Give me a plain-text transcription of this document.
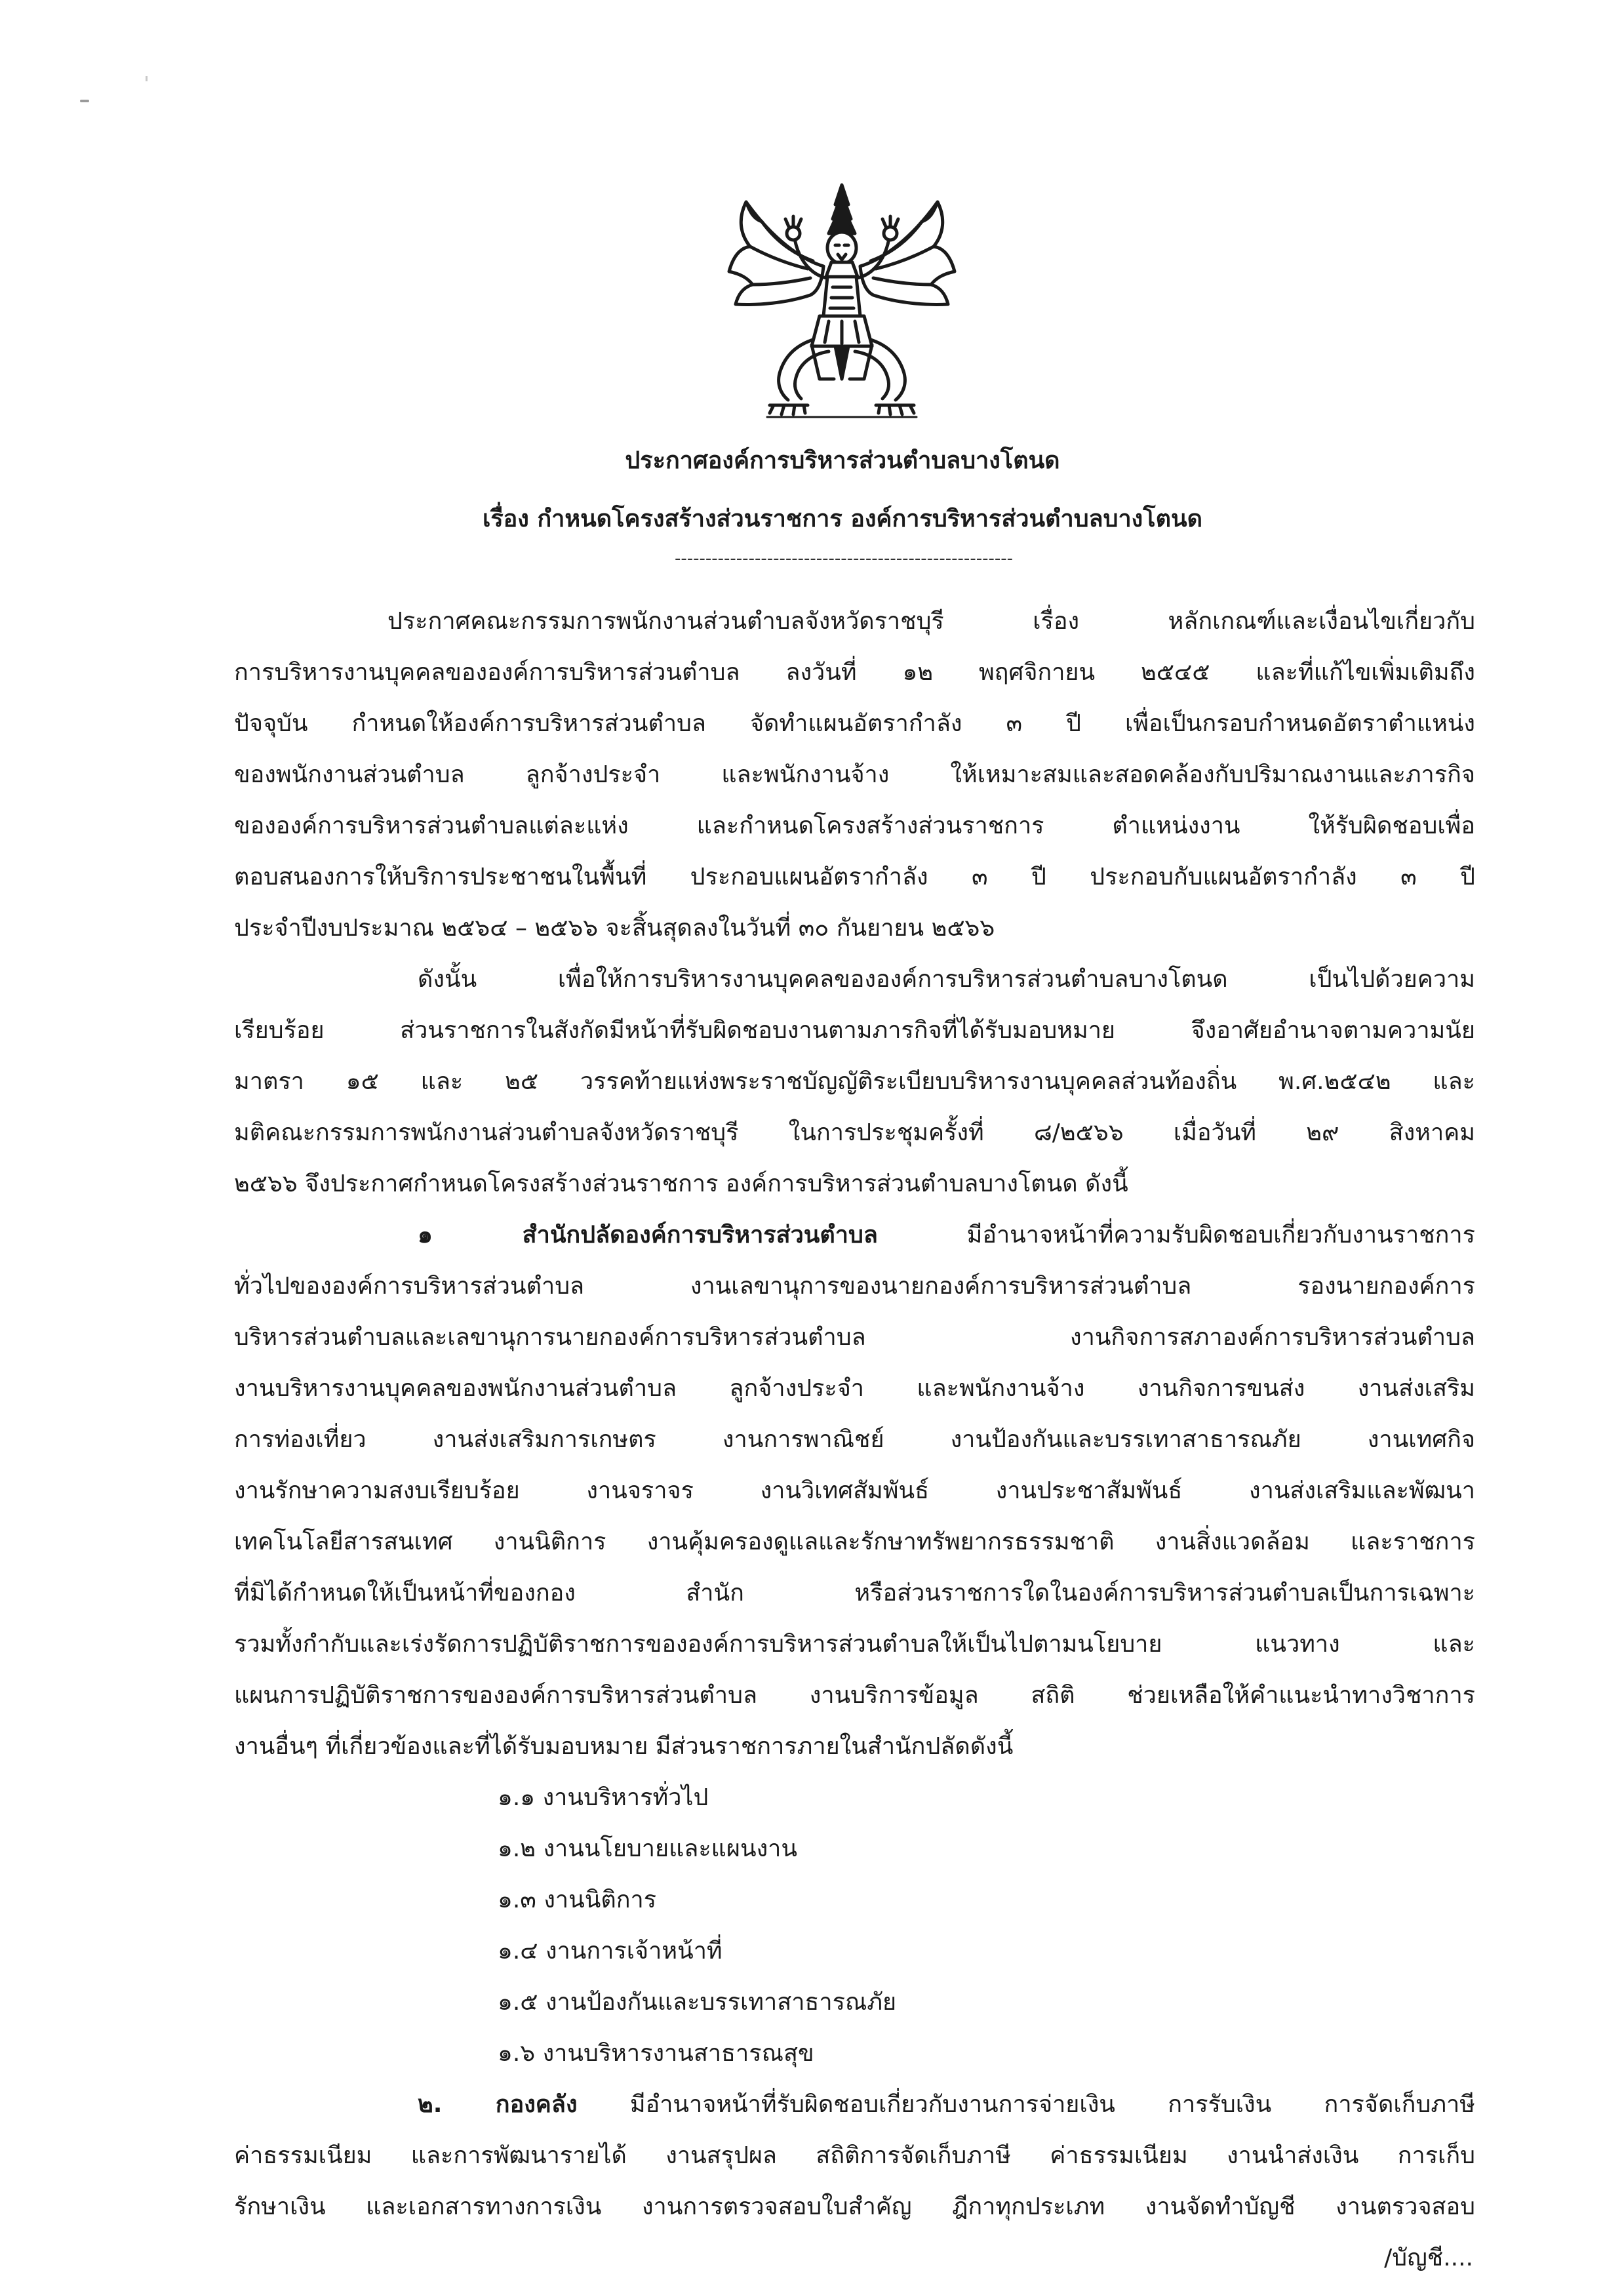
ประกาศองค์การบริหารส่วนตำบลบางโตนด
เรื่อง กำหนดโครงสร้างส่วนราชการ องค์การบริหารส่วนตำบลบางโตนด
-------------------------------------------------------
ประกาศคณะกรรมการพนักงานส่วนตำบลจังหวัดราชบุรี เรื่อง หลักเกณฑ์และเงื่อนไขเกี่ยวกับ
การบริหารงานบุคคลขององค์การบริหารส่วนตำบล ลงวันที่ ๑๒ พฤศจิกายน ๒๕๔๕ และที่แก้ไขเพิ่มเติมถึง
ปัจจุบัน กำหนดให้องค์การบริหารส่วนตำบล จัดทำแผนอัตรากำลัง ๓ ปี เพื่อเป็นกรอบกำหนดอัตราตำแหน่ง
ของพนักงานส่วนตำบล ลูกจ้างประจำ และพนักงานจ้าง ให้เหมาะสมและสอดคล้องกับปริมาณงานและภารกิจ
ขององค์การบริหารส่วนตำบลแต่ละแห่ง และกำหนดโครงสร้างส่วนราชการ ตำแหน่งงาน ให้รับผิดชอบเพื่อ
ตอบสนองการให้บริการประชาชนในพื้นที่ ประกอบแผนอัตรากำลัง ๓ ปี ประกอบกับแผนอัตรากำลัง ๓ ปี
ประจำปีงบประมาณ ๒๕๖๔ – ๒๕๖๖ จะสิ้นสุดลงในวันที่ ๓๐ กันยายน ๒๕๖๖
ดังนั้น เพื่อให้การบริหารงานบุคคลขององค์การบริหารส่วนตำบลบางโตนด เป็นไปด้วยความ
เรียบร้อย ส่วนราชการในสังกัดมีหน้าที่รับผิดชอบงานตามภารกิจที่ได้รับมอบหมาย จึงอาศัยอำนาจตามความนัย
มาตรา ๑๕ และ ๒๕ วรรคท้ายแห่งพระราชบัญญัติระเบียบบริหารงานบุคคลส่วนท้องถิ่น พ.ศ.๒๕๔๒ และ
มติคณะกรรมการพนักงานส่วนตำบลจังหวัดราชบุรี ในการประชุมครั้งที่ ๘/๒๕๖๖ เมื่อวันที่ ๒๙ สิงหาคม
๒๕๖๖ จึงประกาศกำหนดโครงสร้างส่วนราชการ องค์การบริหารส่วนตำบลบางโตนด ดังนี้
๑ สำนักปลัดองค์การบริหารส่วนตำบล มีอำนาจหน้าที่ความรับผิดชอบเกี่ยวกับงานราชการ
ทั่วไปขององค์การบริหารส่วนตำบล งานเลขานุการของนายกองค์การบริหารส่วนตำบล รองนายกองค์การ
บริหารส่วนตำบลและเลขานุการนายกองค์การบริหารส่วนตำบล งานกิจการสภาองค์การบริหารส่วนตำบล
งานบริหารงานบุคคลของพนักงานส่วนตำบล ลูกจ้างประจำ และพนักงานจ้าง งานกิจการขนส่ง งานส่งเสริม
การท่องเที่ยว งานส่งเสริมการเกษตร งานการพาณิชย์ งานป้องกันและบรรเทาสาธารณภัย งานเทศกิจ
งานรักษาความสงบเรียบร้อย งานจราจร งานวิเทศสัมพันธ์ งานประชาสัมพันธ์ งานส่งเสริมและพัฒนา
เทคโนโลยีสารสนเทศ งานนิติการ งานคุ้มครองดูแลและรักษาทรัพยากรธรรมชาติ งานสิ่งแวดล้อม และราชการ
ที่มิได้กำหนดให้เป็นหน้าที่ของกอง สำนัก หรือส่วนราชการใดในองค์การบริหารส่วนตำบลเป็นการเฉพาะ
รวมทั้งกำกับและเร่งรัดการปฏิบัติราชการขององค์การบริหารส่วนตำบลให้เป็นไปตามนโยบาย แนวทาง และ
แผนการปฏิบัติราชการขององค์การบริหารส่วนตำบล งานบริการข้อมูล สถิติ ช่วยเหลือให้คำแนะนำทางวิชาการ
งานอื่นๆ ที่เกี่ยวข้องและที่ได้รับมอบหมาย มีส่วนราชการภายในสำนักปลัดดังนี้
๑.๑ งานบริหารทั่วไป
๑.๒ งานนโยบายและแผนงาน
๑.๓ งานนิติการ
๑.๔ งานการเจ้าหน้าที่
๑.๕ งานป้องกันและบรรเทาสาธารณภัย
๑.๖ งานบริหารงานสาธารณสุข
๒. กองคลัง มีอำนาจหน้าที่รับผิดชอบเกี่ยวกับงานการจ่ายเงิน การรับเงิน การจัดเก็บภาษี
ค่าธรรมเนียม และการพัฒนารายได้ งานสรุปผล สถิติการจัดเก็บภาษี ค่าธรรมเนียม งานนำส่งเงิน การเก็บ
รักษาเงิน และเอกสารทางการเงิน งานการตรวจสอบใบสำคัญ ฎีกาทุกประเภท งานจัดทำบัญชี งานตรวจสอบ
/บัญชี....
